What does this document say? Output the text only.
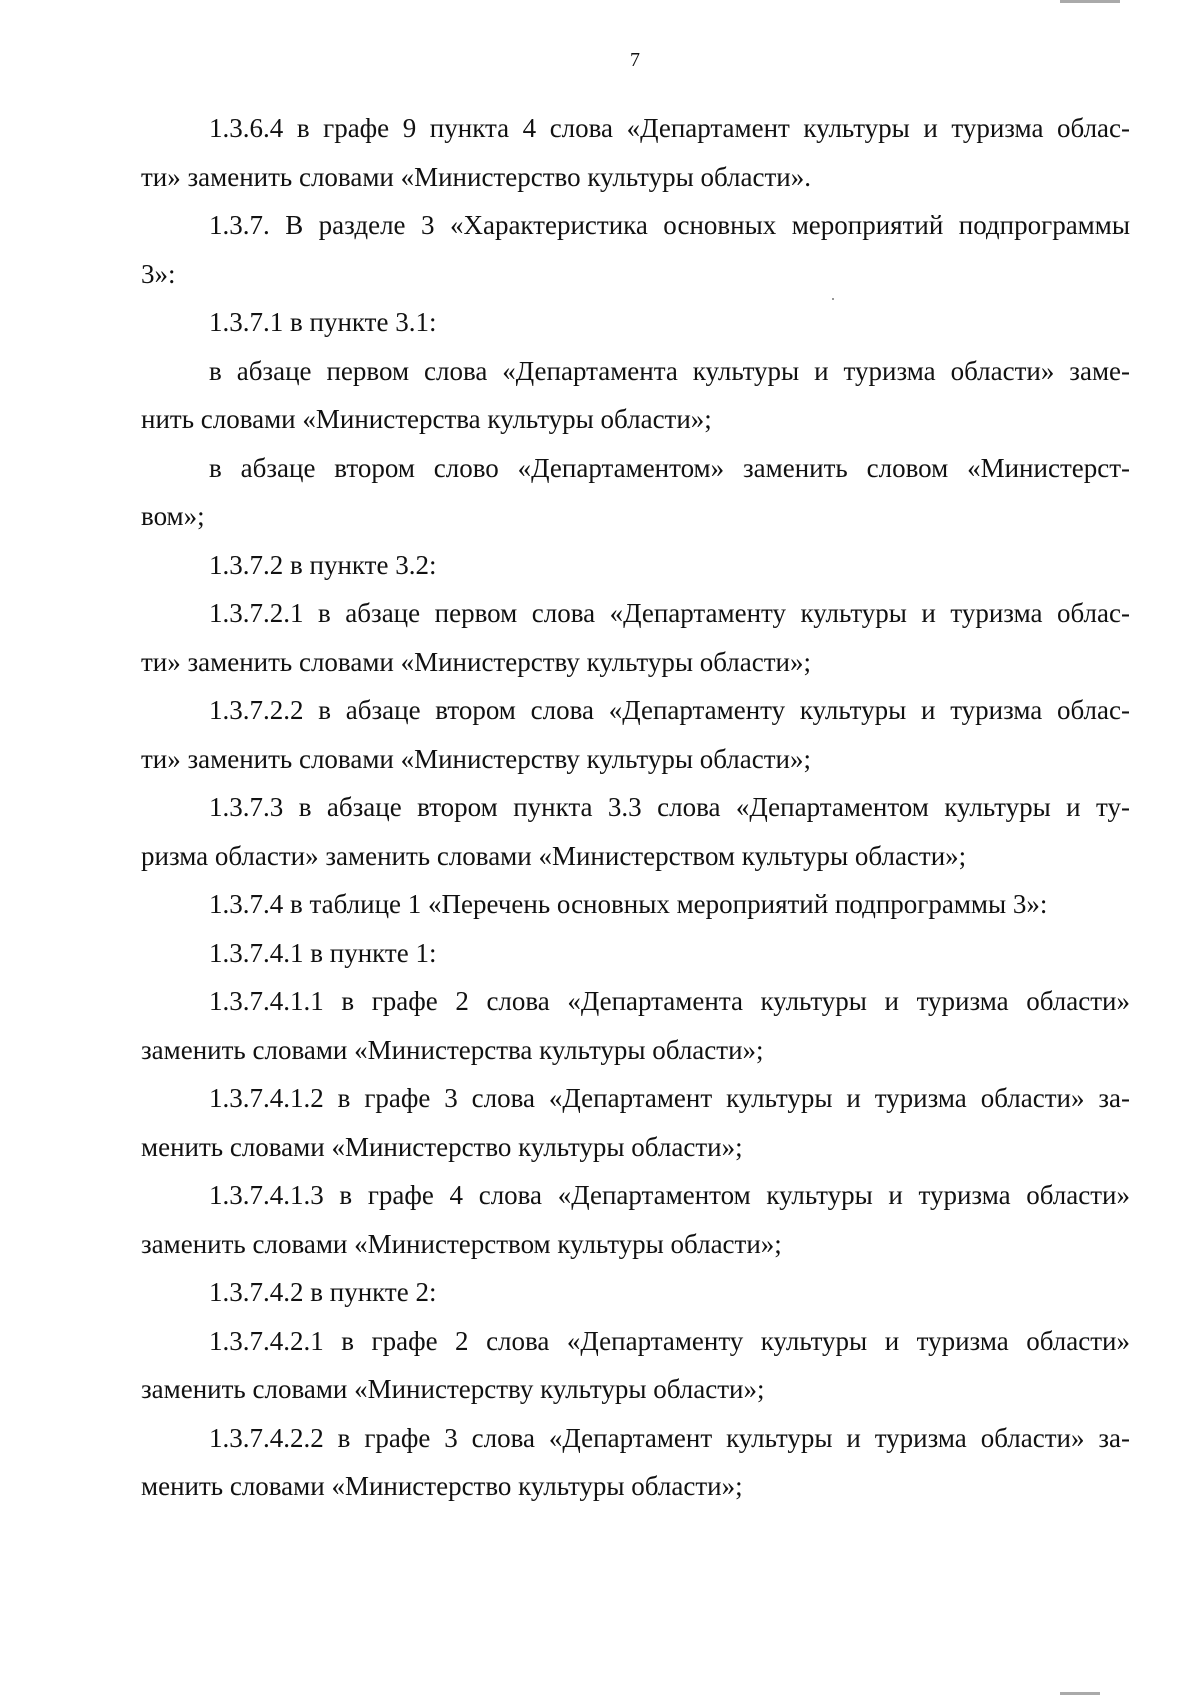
7

1.3.6.4 в графе 9 пункта 4 слова «Департамент культуры и туризма облас-
ти» заменить словами «Министерство культуры области».

1.3.7. В разделе 3 «Характеристика основных мероприятий подпрограммы
3»:

1.3.7.1 в пункте 3.1:

в абзаце первом слова «Департамента культуры и туризма области» заме-
нить словами «Министерства культуры области»;

в абзаце втором слово «Департаментом» заменить словом «Министерст-
вом»;

1.3.7.2 в пункте 3.2:

1.3.7.2.1 в абзаце первом слова «Департаменту культуры и туризма облас-
ти» заменить словами «Министерству культуры области»;

1.3.7.2.2 в абзаце втором слова «Департаменту культуры и туризма облас-
ти» заменить словами «Министерству культуры области»;

1.3.7.3 в абзаце втором пункта 3.3 слова «Департаментом культуры и ту-
ризма области» заменить словами «Министерством культуры области»;

1.3.7.4 в таблице 1 «Перечень основных мероприятий подпрограммы 3»:

1.3.7.4.1 в пункте 1:

1.3.7.4.1.1 в графе 2 слова «Департамента культуры и туризма области»
заменить словами «Министерства культуры области»;

1.3.7.4.1.2 в графе 3 слова «Департамент культуры и туризма области» за-
менить словами «Министерство культуры области»;

1.3.7.4.1.3 в графе 4 слова «Департаментом культуры и туризма области»
заменить словами «Министерством культуры области»;

1.3.7.4.2 в пункте 2:

1.3.7.4.2.1 в графе 2 слова «Департаменту культуры и туризма области»
заменить словами «Министерству культуры области»;

1.3.7.4.2.2 в графе 3 слова «Департамент культуры и туризма области» за-
менить словами «Министерство культуры области»;
